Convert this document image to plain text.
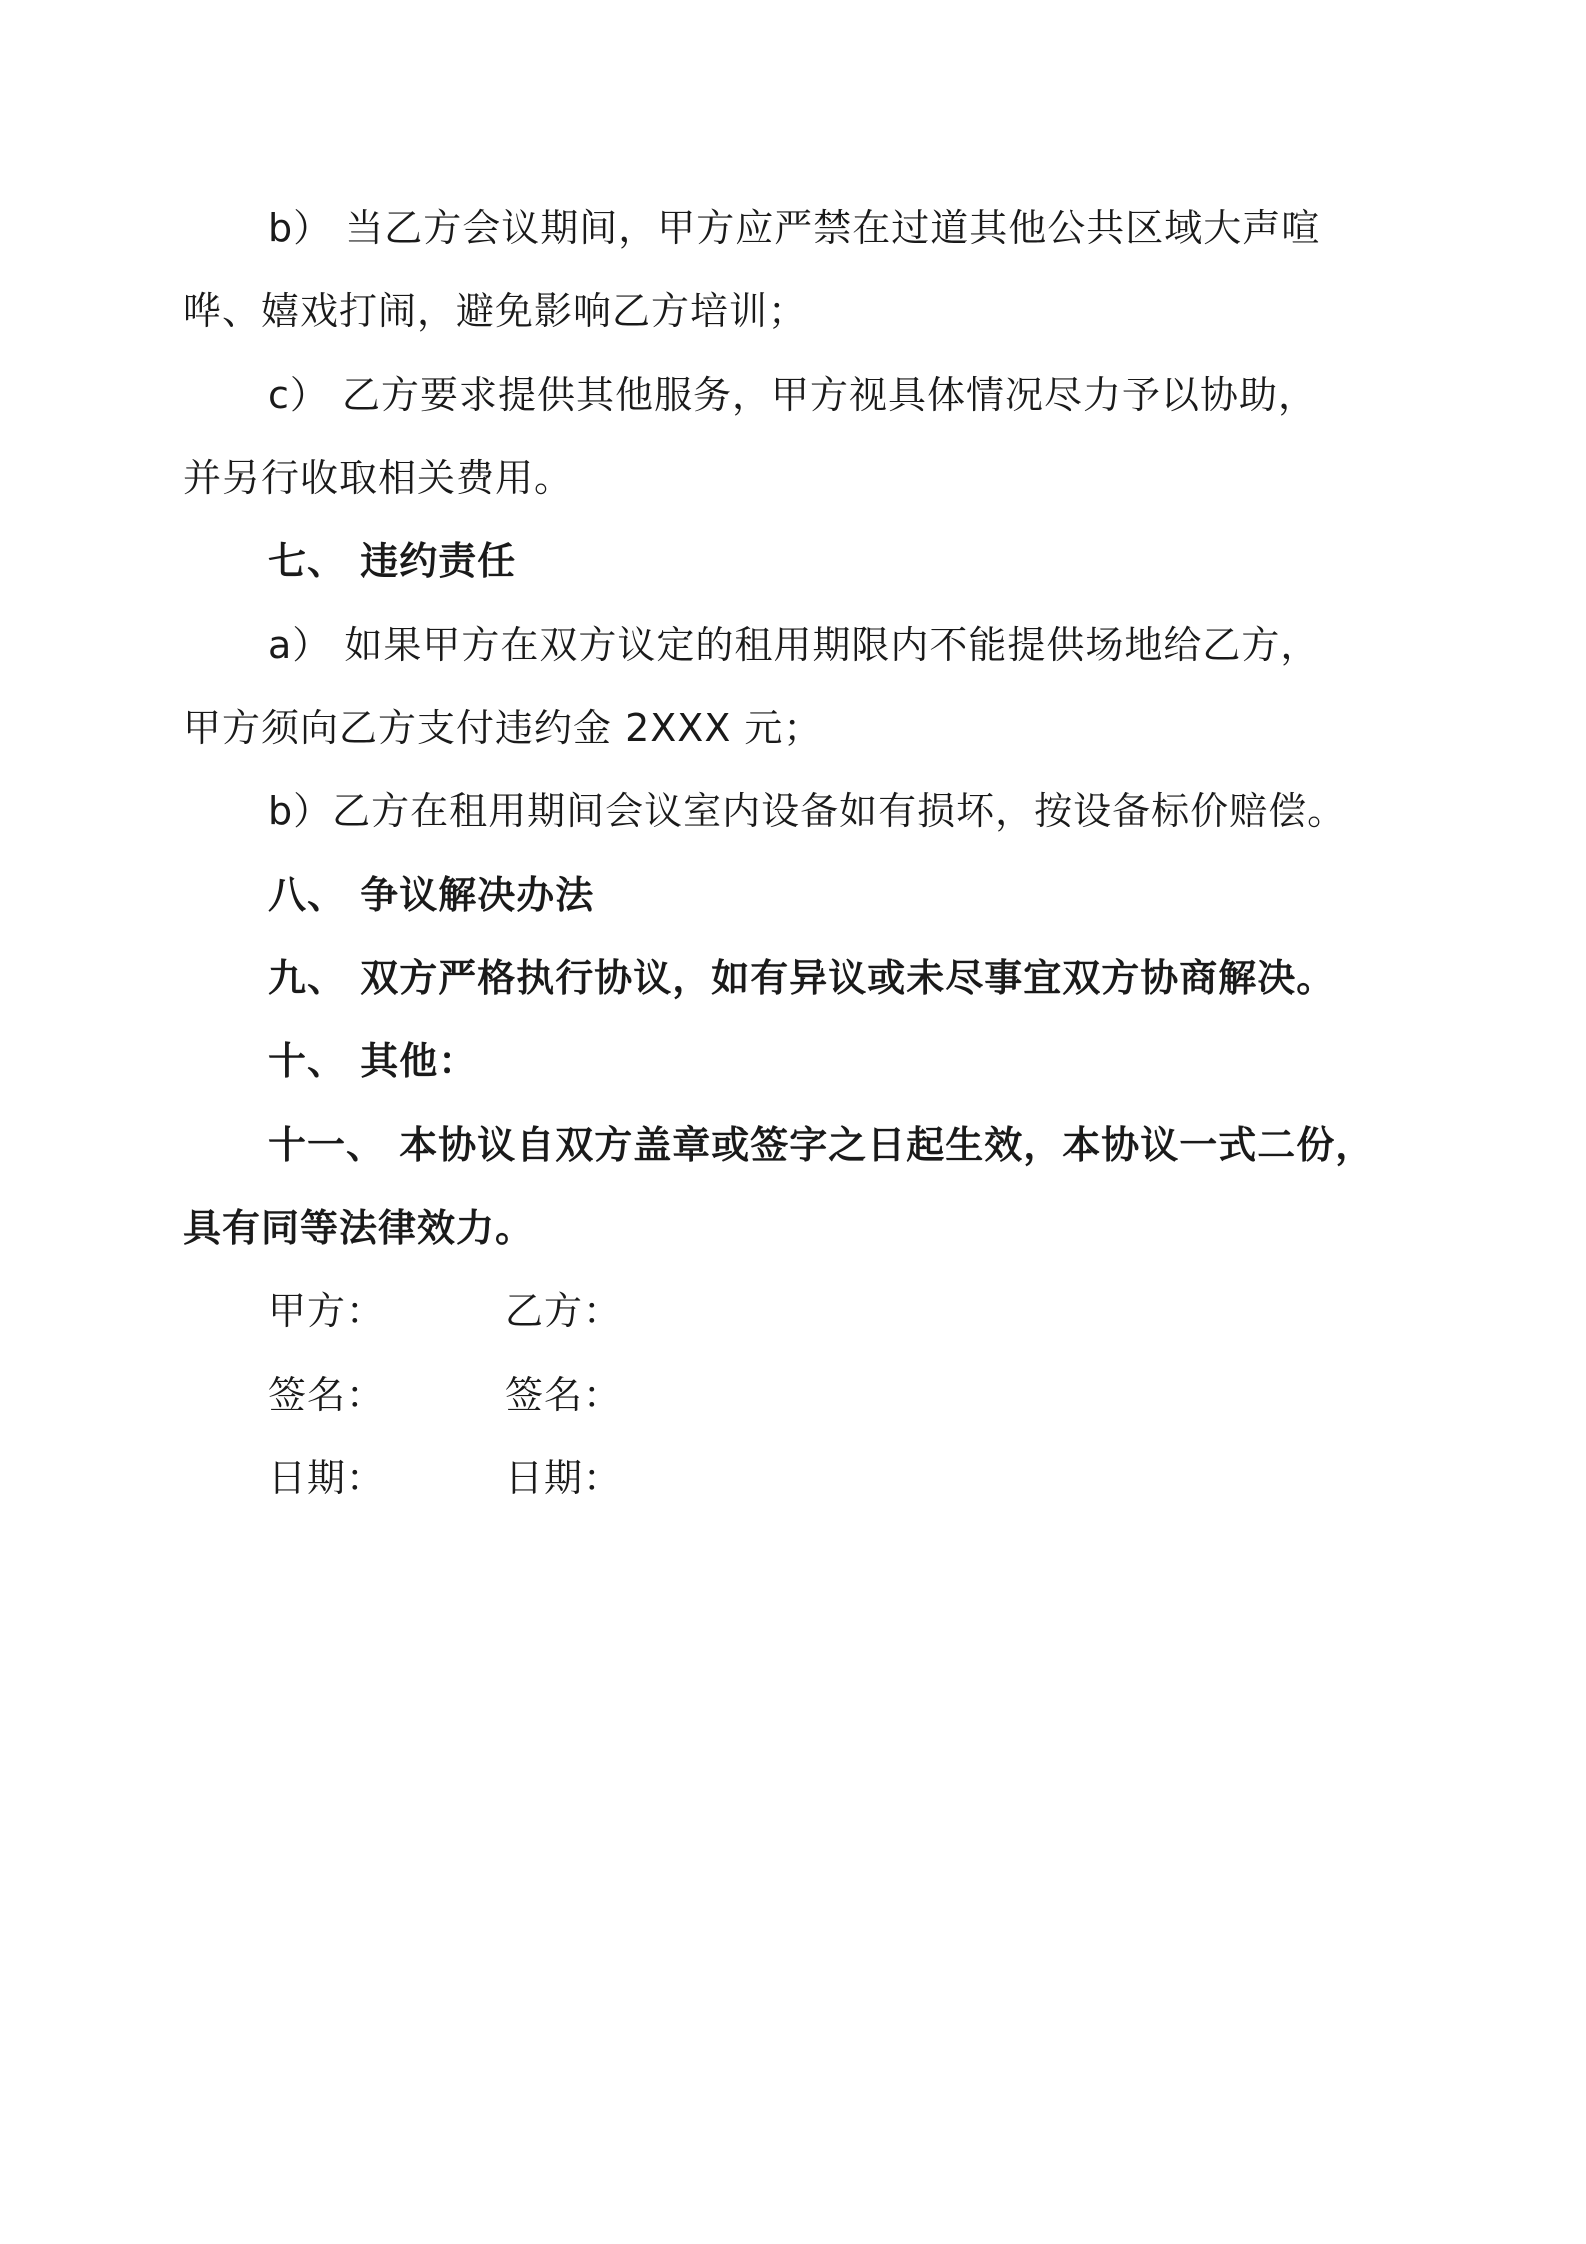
b） 当乙方会议期间，甲方应严禁在过道其他公共区域大声喧
哗、嬉戏打闹，避免影响乙方培训；
c） 乙方要求提供其他服务，甲方视具体情况尽力予以协助，
并另行收取相关费用。
七、 违约责任
a） 如果甲方在双方议定的租用期限内不能提供场地给乙方，
甲方须向乙方支付违约金 2XXX 元；
b）乙方在租用期间会议室内设备如有损坏，按设备标价赔偿。
八、 争议解决办法
九、 双方严格执行协议，如有异议或未尽事宜双方协商解决。
十、 其他：
十一、 本协议自双方盖章或签字之日起生效，本协议一式二份，
具有同等法律效力。
甲方：	乙方：
签名：	签名：
日期：	日期：
